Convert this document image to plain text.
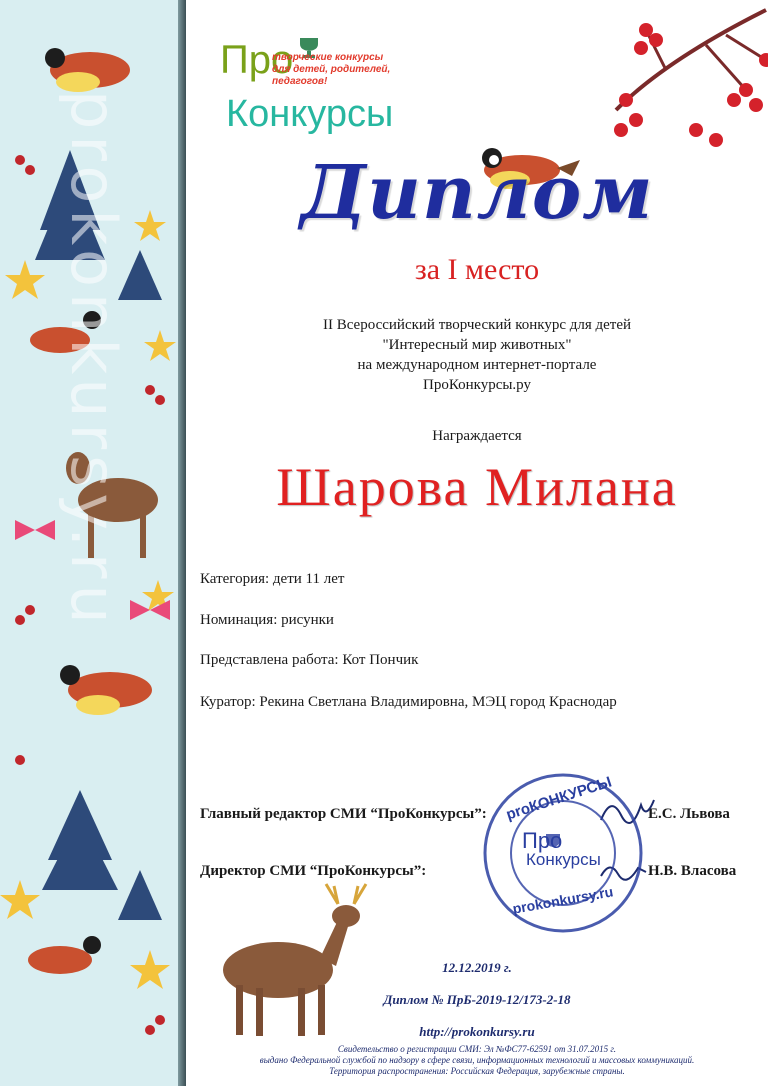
prokonkursy.ru
Про
творческие конкурсы для детей, родителей, педагогов!
Конкурсы
Диплом
за I место
II Всероссийский творческий конкурс для детей
"Интересный мир животных"
на международном интернет-портале
ПроКонкурсы.ру
Награждается
Шарова Милана
Категория: дети 11 лет
Номинация: рисунки
Представлена работа: Кот Пончик
Куратор: Рекина Светлана Владимировна, МЭЦ город Краснодар
Главный редактор СМИ “ПроКонкурсы”:	Е.С. Львова
Директор СМИ “ПроКонкурсы”:	Н.В. Власова
proКОНКУРСЫ
Про
Конкурсы
prokonkursy.ru
12.12.2019 г.
Диплом № ПрБ-2019-12/173-2-18
http://prokonkursy.ru
Свидетельство о регистрации СМИ: Эл №ФС77-62591 от 31.07.2015 г.
выдано Федеральной службой по надзору в сфере связи, информационных технологий и массовых коммуникаций.
Территория распространения: Российская Федерация, зарубежные страны.
